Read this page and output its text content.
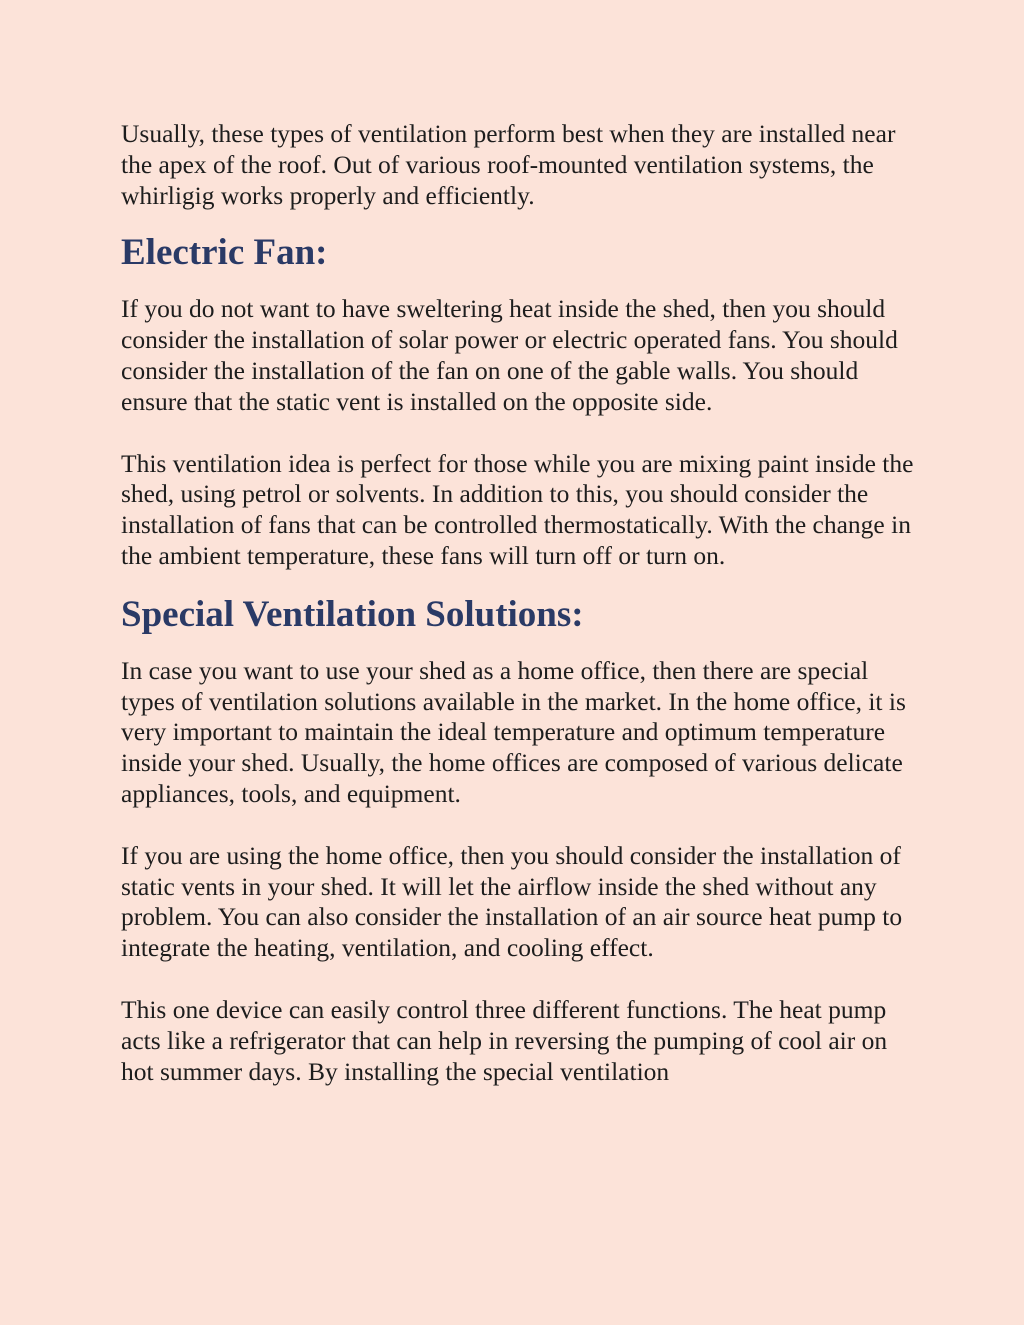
Usually, these types of ventilation perform best when they are installed near the apex of the roof. Out of various roof-mounted ventilation systems, the whirligig works properly and efficiently.

Electric Fan:

If you do not want to have sweltering heat inside the shed, then you should consider the installation of solar power or electric operated fans. You should consider the installation of the fan on one of the gable walls. You should ensure that the static vent is installed on the opposite side.

This ventilation idea is perfect for those while you are mixing paint inside the shed, using petrol or solvents. In addition to this, you should consider the installation of fans that can be controlled thermostatically. With the change in the ambient temperature, these fans will turn off or turn on.

Special Ventilation Solutions:

In case you want to use your shed as a home office, then there are special types of ventilation solutions available in the market. In the home office, it is very important to maintain the ideal temperature and optimum temperature inside your shed. Usually, the home offices are composed of various delicate appliances, tools, and equipment.

If you are using the home office, then you should consider the installation of static vents in your shed. It will let the airflow inside the shed without any problem. You can also consider the installation of an air source heat pump to integrate the heating, ventilation, and cooling effect.

This one device can easily control three different functions. The heat pump acts like a refrigerator that can help in reversing the pumping of cool air on hot summer days. By installing the special ventilation
